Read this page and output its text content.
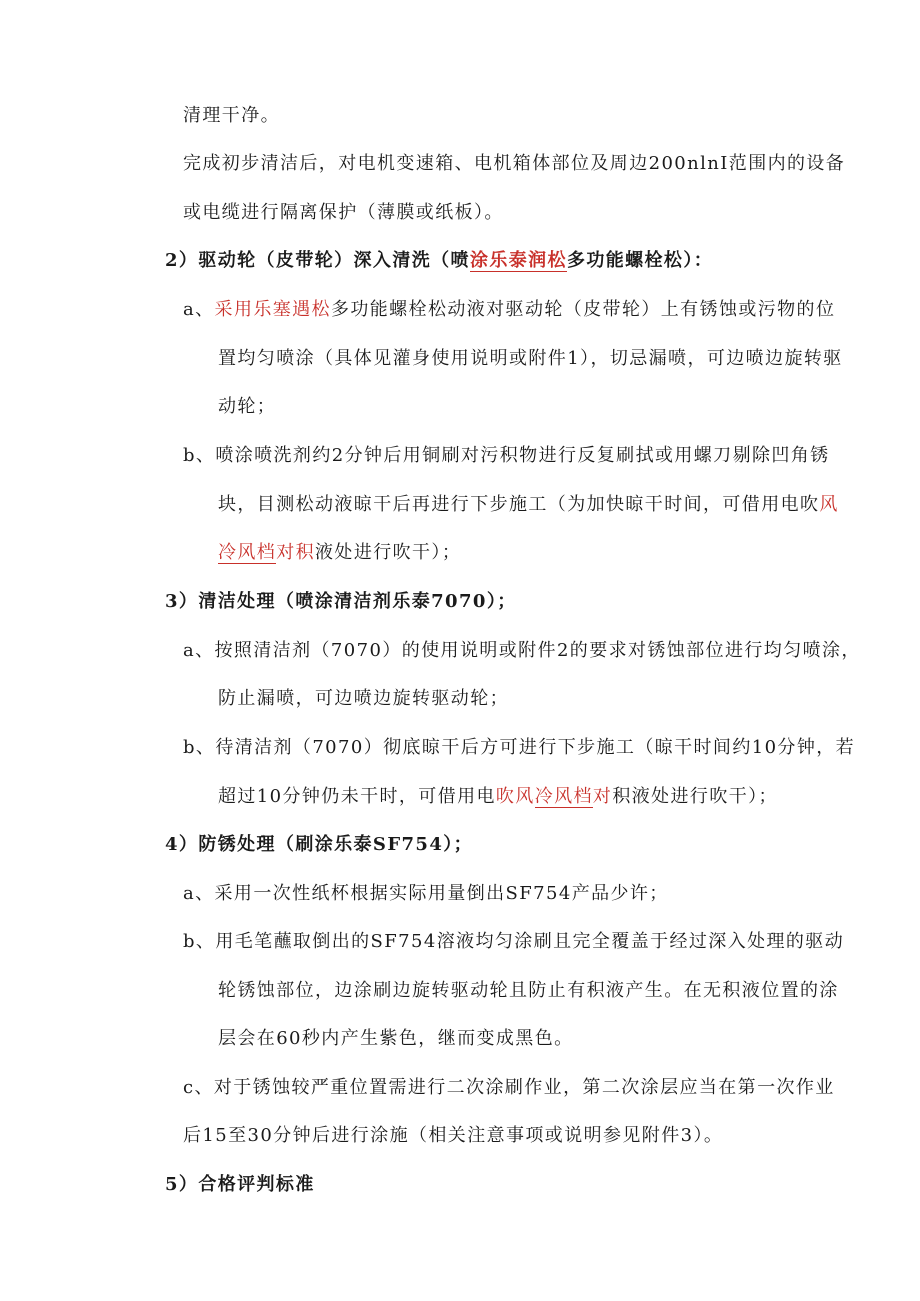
清理干净。
完成初步清洁后，对电机变速箱、电机箱体部位及周边200nlnI范围内的设备
或电缆进行隔离保护（薄膜或纸板）。
2）驱动轮（皮带轮）深入清洗（喷涂乐泰润松多功能螺栓松）：
a、采用乐塞遇松多功能螺栓松动液对驱动轮（皮带轮）上有锈蚀或污物的位
置均匀喷涂（具体见灌身使用说明或附件1），切忌漏喷，可边喷边旋转驱
动轮；
b、喷涂喷洗剂约2分钟后用铜刷对污积物进行反复刷拭或用螺刀剔除凹角锈
块，目测松动液晾干后再进行下步施工（为加快晾干时间，可借用电吹风
冷风档对积液处进行吹干）；
3）清洁处理（喷涂清洁剂乐泰7070）；
a、按照清洁剂（7070）的使用说明或附件2的要求对锈蚀部位进行均匀喷涂，
防止漏喷，可边喷边旋转驱动轮；
b、待清洁剂（7070）彻底晾干后方可进行下步施工（晾干时间约10分钟，若
超过10分钟仍未干时，可借用电吹风冷风档对积液处进行吹干）；
4）防锈处理（刷涂乐泰SF754）；
a、采用一次性纸杯根据实际用量倒出SF754产品少许；
b、用毛笔蘸取倒出的SF754溶液均匀涂刷且完全覆盖于经过深入处理的驱动
轮锈蚀部位，边涂刷边旋转驱动轮且防止有积液产生。在无积液位置的涂
层会在60秒内产生紫色，继而变成黑色。
c、对于锈蚀较严重位置需进行二次涂刷作业，第二次涂层应当在第一次作业
后15至30分钟后进行涂施（相关注意事项或说明参见附件3）。
5）合格评判标准
